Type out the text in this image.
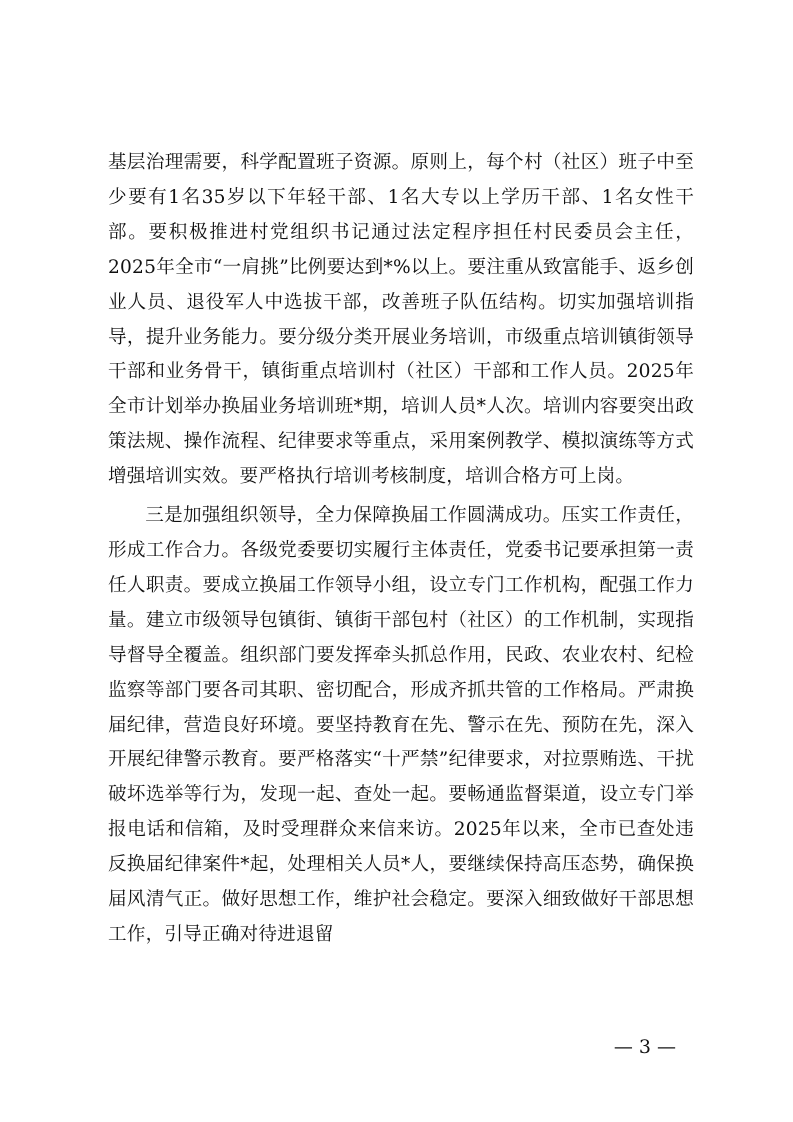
基层治理需要，科学配置班子资源。原则上，每个村（社区）班子中至少要有1名35岁以下年轻干部、1名大专以上学历干部、1名女性干部。要积极推进村党组织书记通过法定程序担任村民委员会主任，2025年全市“一肩挑”比例要达到*%以上。要注重从致富能手、返乡创业人员、退役军人中选拔干部，改善班子队伍结构。切实加强培训指导，提升业务能力。要分级分类开展业务培训，市级重点培训镇街领导干部和业务骨干，镇街重点培训村（社区）干部和工作人员。2025年全市计划举办换届业务培训班*期，培训人员*人次。培训内容要突出政策法规、操作流程、纪律要求等重点，采用案例教学、模拟演练等方式增强培训实效。要严格执行培训考核制度，培训合格方可上岗。

三是加强组织领导，全力保障换届工作圆满成功。压实工作责任，形成工作合力。各级党委要切实履行主体责任，党委书记要承担第一责任人职责。要成立换届工作领导小组，设立专门工作机构，配强工作力量。建立市级领导包镇街、镇街干部包村（社区）的工作机制，实现指导督导全覆盖。组织部门要发挥牵头抓总作用，民政、农业农村、纪检监察等部门要各司其职、密切配合，形成齐抓共管的工作格局。严肃换届纪律，营造良好环境。要坚持教育在先、警示在先、预防在先，深入开展纪律警示教育。要严格落实“十严禁”纪律要求，对拉票贿选、干扰破坏选举等行为，发现一起、查处一起。要畅通监督渠道，设立专门举报电话和信箱，及时受理群众来信来访。2025年以来，全市已查处违反换届纪律案件*起，处理相关人员*人，要继续保持高压态势，确保换届风清气正。做好思想工作，维护社会稳定。要深入细致做好干部思想工作，引导正确对待进退留

— 3 —
